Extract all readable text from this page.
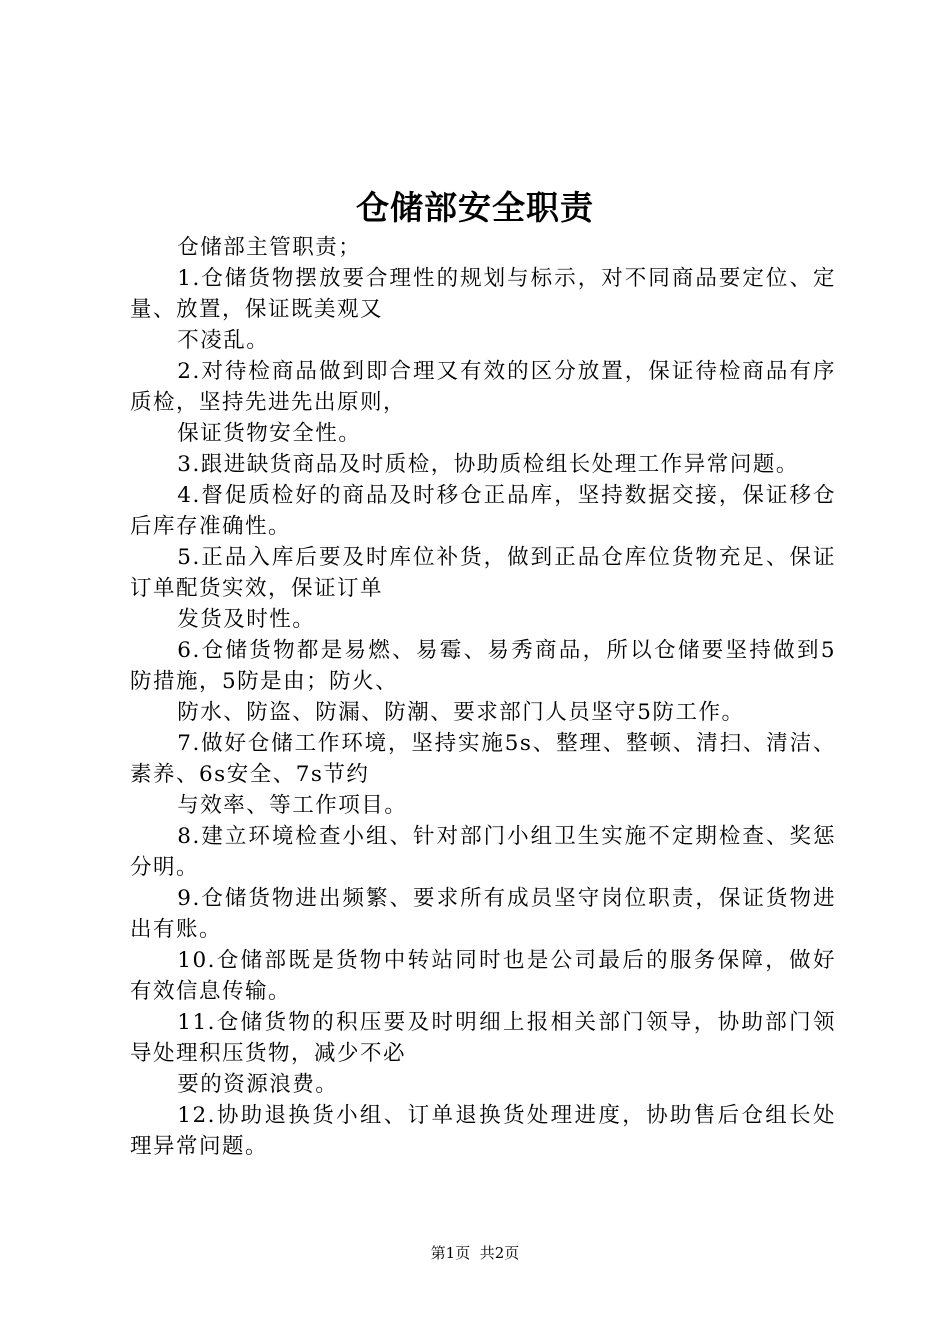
仓储部安全职责

仓储部主管职责；

1.仓储货物摆放要合理性的规划与标示，对不同商品要定位、定量、放置，保证既美观又

不凌乱。

2.对待检商品做到即合理又有效的区分放置，保证待检商品有序质检，坚持先进先出原则，

保证货物安全性。

3.跟进缺货商品及时质检，协助质检组长处理工作异常问题。

4.督促质检好的商品及时移仓正品库，坚持数据交接，保证移仓后库存准确性。

5.正品入库后要及时库位补货，做到正品仓库位货物充足、保证订单配货实效，保证订单

发货及时性。

6.仓储货物都是易燃、易霉、易秀商品，所以仓储要坚持做到5防措施，5防是由；防火、

防水、防盗、防漏、防潮、要求部门人员坚守5防工作。

7.做好仓储工作环境，坚持实施5s、整理、整顿、清扫、清洁、素养、6s安全、7s节约

与效率、等工作项目。

8.建立环境检查小组、针对部门小组卫生实施不定期检查、奖惩分明。

9.仓储货物进出频繁、要求所有成员坚守岗位职责，保证货物进出有账。

10.仓储部既是货物中转站同时也是公司最后的服务保障，做好有效信息传输。

11.仓储货物的积压要及时明细上报相关部门领导，协助部门领导处理积压货物，减少不必

要的资源浪费。

12.协助退换货小组、订单退换货处理进度，协助售后仓组长处理异常问题。

第1页 共2页
